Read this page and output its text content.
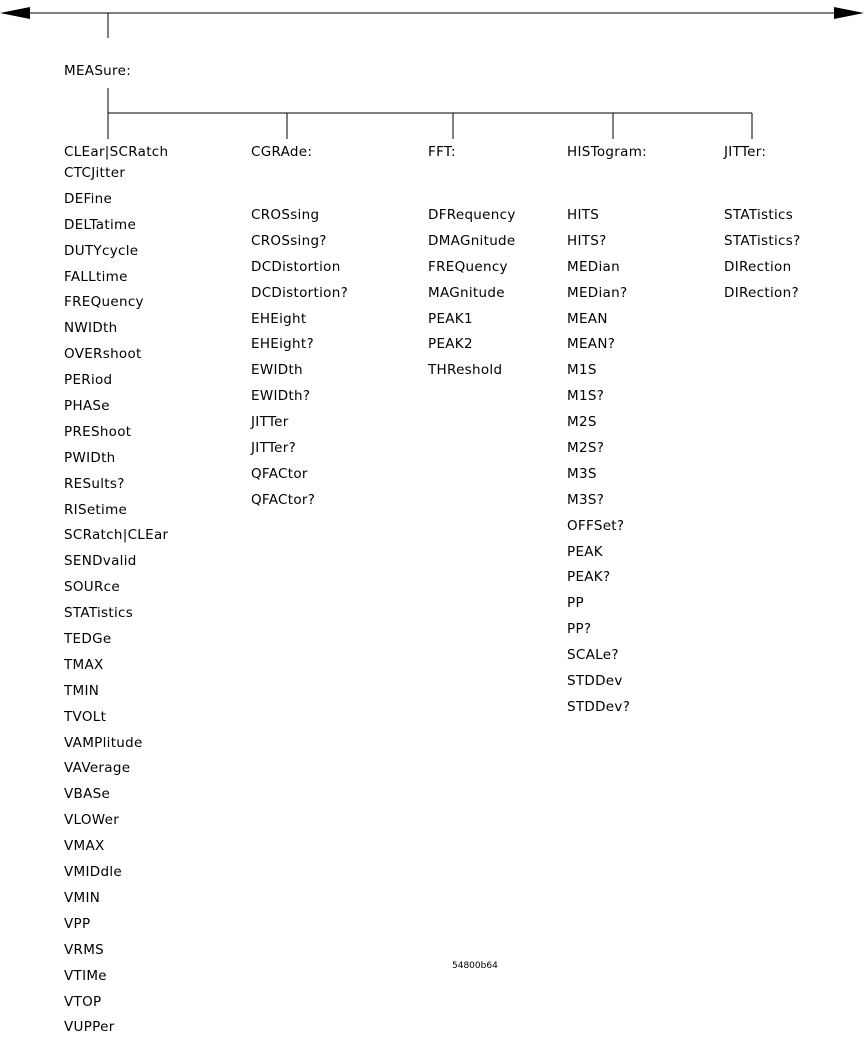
MEASure:
CLEar|SCRatch
CTCJitter
DEFine
DELTatime
DUTYcycle
FALLtime
FREQuency
NWIDth
OVERshoot
PERiod
PHASe
PREShoot
PWIDth
RESults?
RISetime
SCRatch|CLEar
SENDvalid
SOURce
STATistics
TEDGe
TMAX
TMIN
TVOLt
VAMPlitude
VAVerage
VBASe
VLOWer
VMAX
VMIDdle
VMIN
VPP
VRMS
VTIMe
VTOP
VUPPer
CGRAde:
CROSsing
CROSsing?
DCDistortion
DCDistortion?
EHEight
EHEight?
EWIDth
EWIDth?
JITTer
JITTer?
QFACtor
QFACtor?
FFT:
DFRequency
DMAGnitude
FREQuency
MAGnitude
PEAK1
PEAK2
THReshold
HISTogram:
HITS
HITS?
MEDian
MEDian?
MEAN
MEAN?
M1S
M1S?
M2S
M2S?
M3S
M3S?
OFFSet?
PEAK
PEAK?
PP
PP?
SCALe?
STDDev
STDDev?
JITTer:
STATistics
STATistics?
DIRection
DIRection?
54800b64
